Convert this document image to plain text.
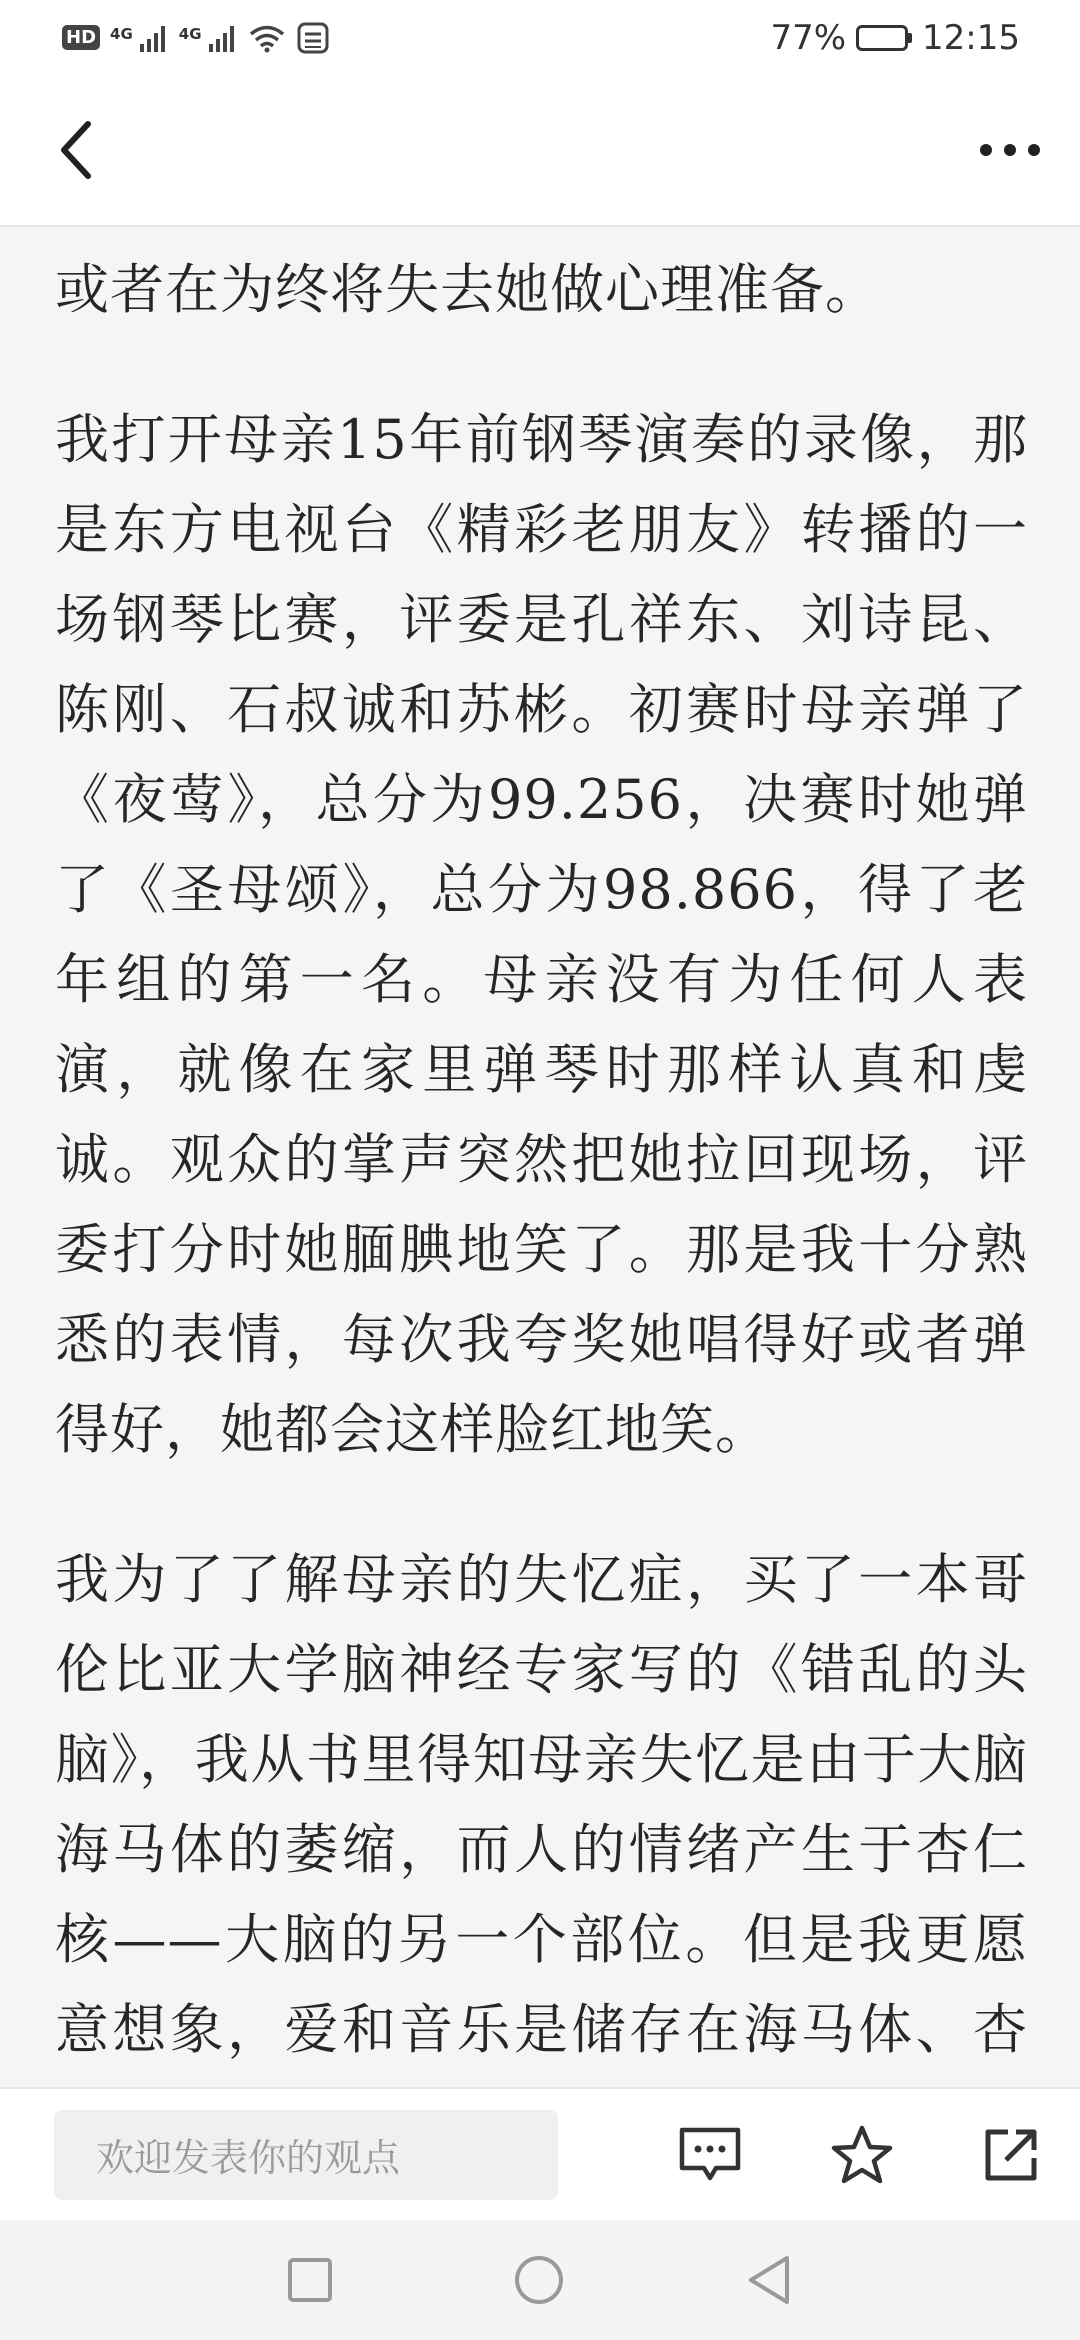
HD 4G	4G	77% 12:15

或者在为终将失去她做心理准备。

我打开母亲15年前钢琴演奏的录像，那是东方电视台《精彩老朋友》转播的一场钢琴比赛，评委是孔祥东、刘诗昆、陈刚、石叔诚和苏彬。初赛时母亲弹了《夜莺》，总分为99.256，决赛时她弹了《圣母颂》，总分为98.866，得了老年组的第一名。母亲没有为任何人表演，就像在家里弹琴时那样认真和虔诚。观众的掌声突然把她拉回现场，评委打分时她腼腆地笑了。那是我十分熟悉的表情，每次我夸奖她唱得好或者弹得好，她都会这样脸红地笑。

我为了了解母亲的失忆症，买了一本哥伦比亚大学脑神经专家写的《错乱的头脑》，我从书里得知母亲失忆是由于大脑海马体的萎缩，而人的情绪产生于杏仁核——大脑的另一个部位。但是我更愿意想象，爱和音乐是储存在海马体、杏

欢迎发表你的观点
